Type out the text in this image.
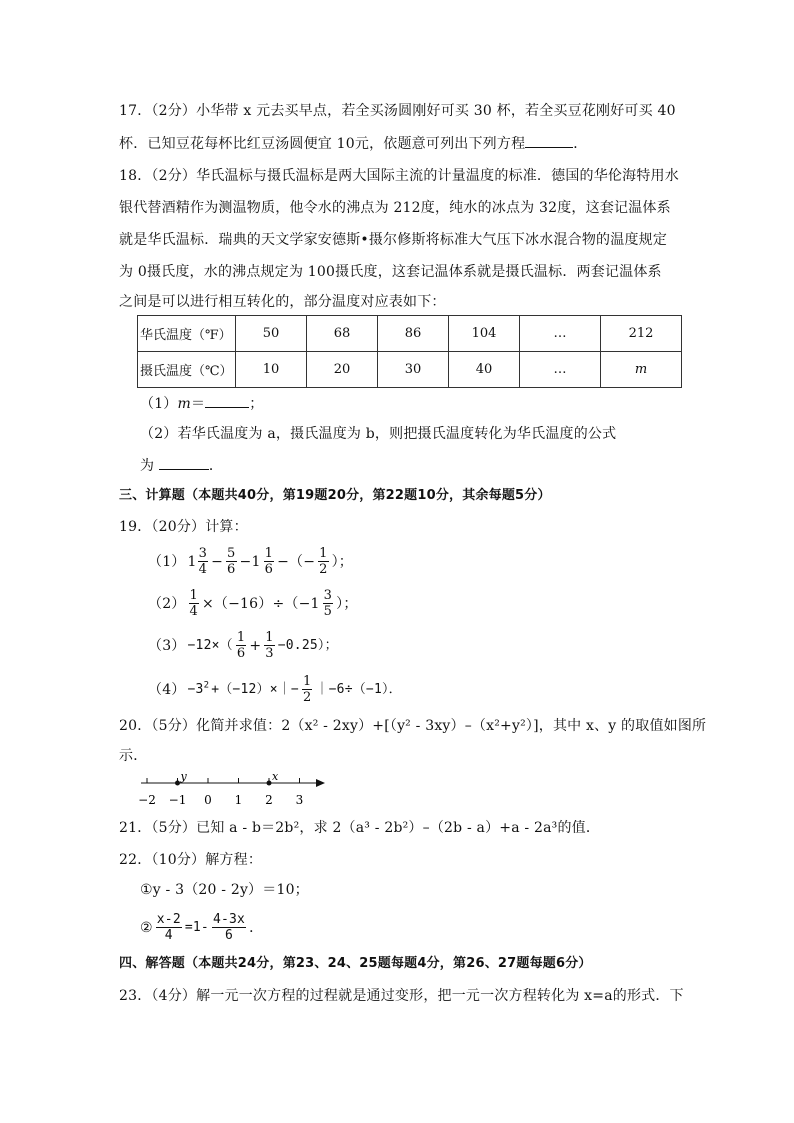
17．（2分）小华带 x 元去买早点，若全买汤圆刚好可买 30 杯，若全买豆花刚好可买 40
杯．已知豆花每杯比红豆汤圆便宜 10元，依题意可列出下列方程	．
18．（2分）华氏温标与摄氏温标是两大国际主流的计量温度的标准．德国的华伦海特用水
银代替酒精作为测温物质，他令水的沸点为 212度，纯水的冰点为 32度，这套记温体系
就是华氏温标．瑞典的天文学家安德斯•摄尔修斯将标准大气压下冰水混合物的温度规定
为 0摄氏度，水的沸点规定为 100摄氏度，这套记温体系就是摄氏温标．两套记温体系
之间是可以进行相互转化的，部分温度对应表如下：
华氏温度（℉）	50	68	86	104	…	212
摄氏温度（℃）	10	20	30	40	…	m
（1）m＝	；
（2）若华氏温度为 a，摄氏温度为 b，则把摄氏温度转化为华氏温度的公式
为	．
三、计算题（本题共40分，第19题20分，第22题10分，其余每题5分）
19．（20分）计算：
（1） $1 \frac{3}{4} - \frac{5}{6} -1 \frac{1}{6}$ −（− $\frac{1}{2}$ ）；
$(2) \frac{1}{4} \times(-16)\div(-1 \frac{3}{5}$ ）；
$(3) -12\times( \frac{1}{6} + \frac{1}{3} -0.25)$；
$(4) -3^2$ +（−12）×｜− $\frac{1}{2}$ ｜−6÷（−1）．
20．（5分）化简并求值：2（x² - 2xy）+[（y² - 3xy）–（x²+y²）]，其中 x、y 的取值如图所
示．
−2 −1 0 1 2 3
y	x
21．（5分）已知 a - b＝2b²，求 2（a³ - 2b²）–（2b - a）+a - 2a³的值．
22．（10分）解方程：
①y - 3（20 - 2y）＝10；
② $\frac{x-2}{4} =1- \frac{4-3x}{6}$ ．
四、解答题（本题共24分，第23、24、25题每题4分，第26、27题每题6分）
23．（4分）解一元一次方程的过程就是通过变形，把一元一次方程转化为 x=a的形式．下
